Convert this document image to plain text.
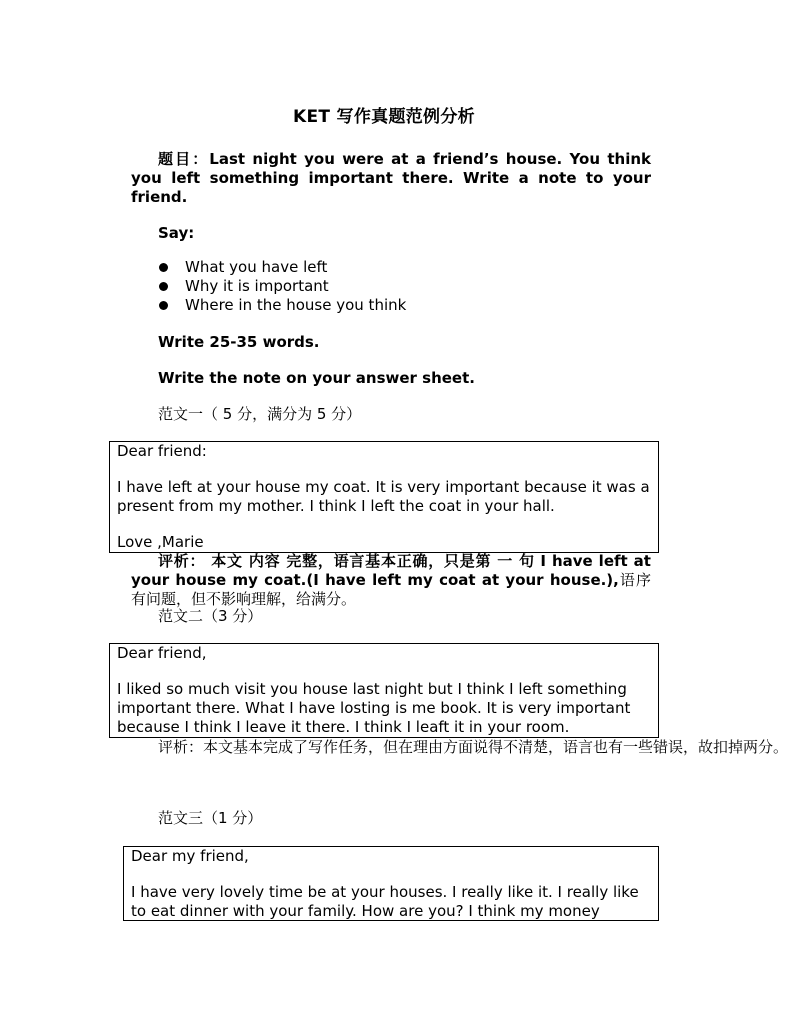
KET 写作真题范例分析

题目：Last night you were at a friend’s house. You think you left something important there. Write a note to your friend.

Say:

What you have left
Why it is important
Where in the house you think

Write 25-35 words.

Write the note on your answer sheet.

范文一（ 5 分，满分为 5 分）

Dear friend:

I have left at your house my coat. It is very important because it was a present from my mother. I think I left the coat in your hall.

Love ,Marie

评析： 本文 内容 完整，语言基本正确，只是第 一 句 I have left at your house my coat.(I have left my coat at your house.),语序有问题，但不影响理解，给满分。

范文二（3 分）

Dear friend,

I liked so much visit you house last night but I think I left something important there. What I have losting is me book. It is very important because I think I leave it there. I think I leaft it in your room.

评析：本文基本完成了写作任务，但在理由方面说得不清楚，语言也有一些错误，故扣掉两分。

范文三（1 分）

Dear my friend,

I have very lovely time be at your houses. I really like it. I really like to eat dinner with your family. How are you? I think my money
